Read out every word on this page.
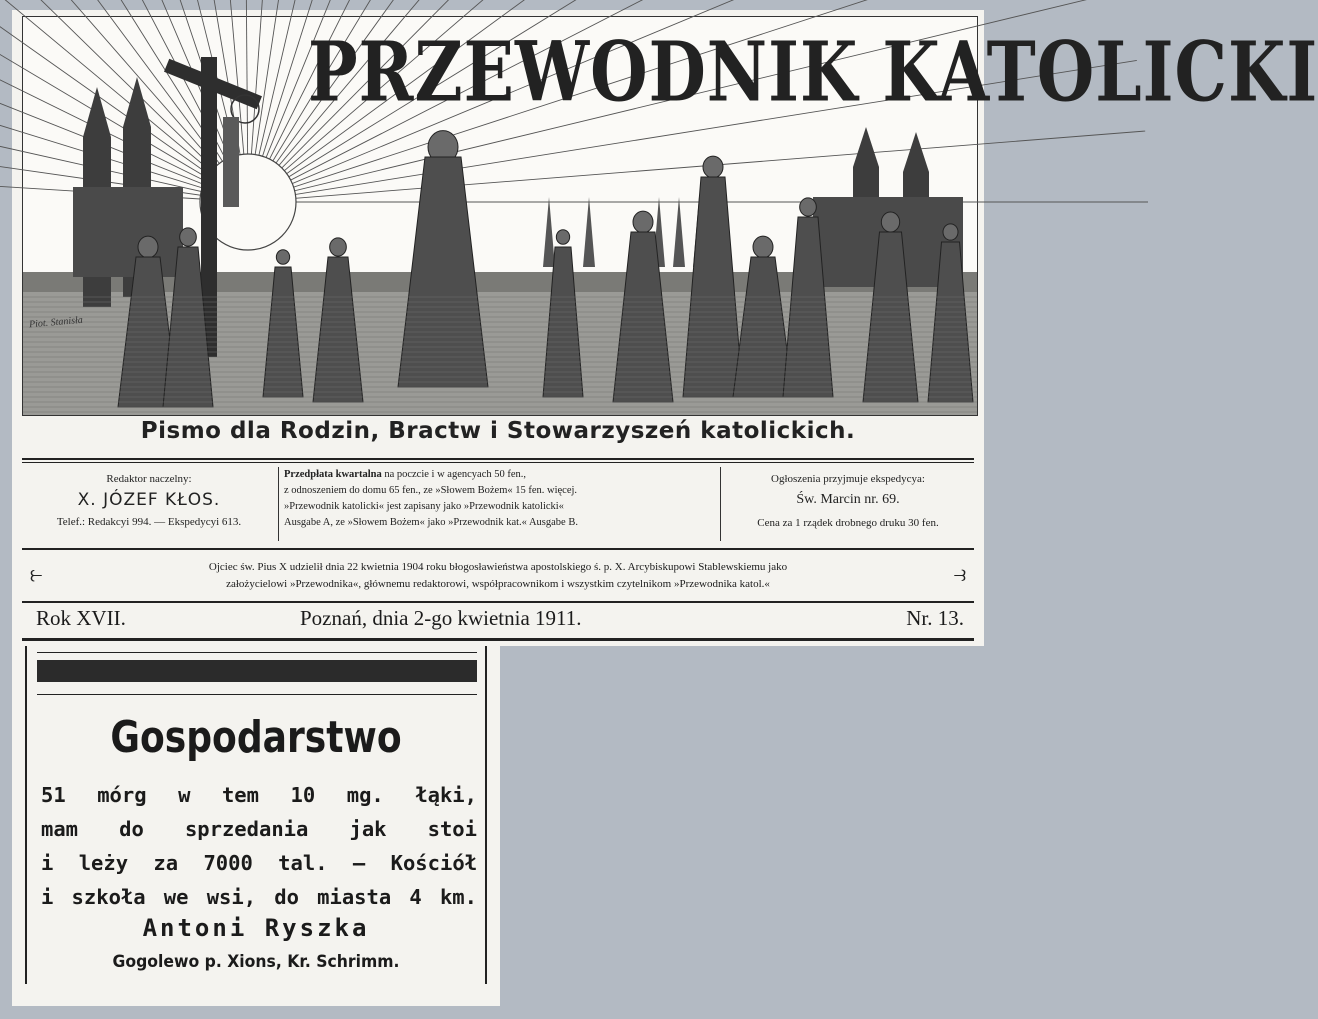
PRZEWODNIK KATOLICKI
Piot. Stanisła
Pismo dla Rodzin, Bractw i Stowarzyszeń katolickich.
Redaktor naczelny:
X. JÓZEF KŁOS.
Telef.: Redakcyi 994. — Ekspedycyi 613.
Przedpłata kwartalna na poczcie i w agencyach 50 fen.,
z odnoszeniem do domu 65 fen., ze »Słowem Bożem« 15 fen. więcej.
»Przewodnik katolicki« jest zapisany jako »Przewodnik katolicki«
Ausgabe A, ze »Słowem Bożem« jako »Przewodnik kat.« Ausgabe B.
Ogłoszenia przyjmuje ekspedycya:
Św. Marcin nr. 69.
Cena za 1 rządek drobnego druku 30 fen.
⥼	Ojciec św. Pius X udzielił dnia 22 kwietnia 1904 roku błogosławieństwa apostolskiego ś. p. X. Arcybiskupowi Stablewskiemu jako
założycielowi »Przewodnika«, głównemu redaktorowi, współpracownikom i wszystkim czytelnikom »Przewodnika katol.«	⥽
Rok XVII.	Poznań, dnia 2-go kwietnia 1911.	Nr. 13.
Gospodarstwo
51 mórg w tem 10 mg. łąki,
mam do sprzedania jak stoi
i leży za 7000 tal. — Kościół
i szkoła we wsi, do miasta 4 km.
Antoni Ryszka
Gogolewo p. Xions, Kr. Schrimm.
